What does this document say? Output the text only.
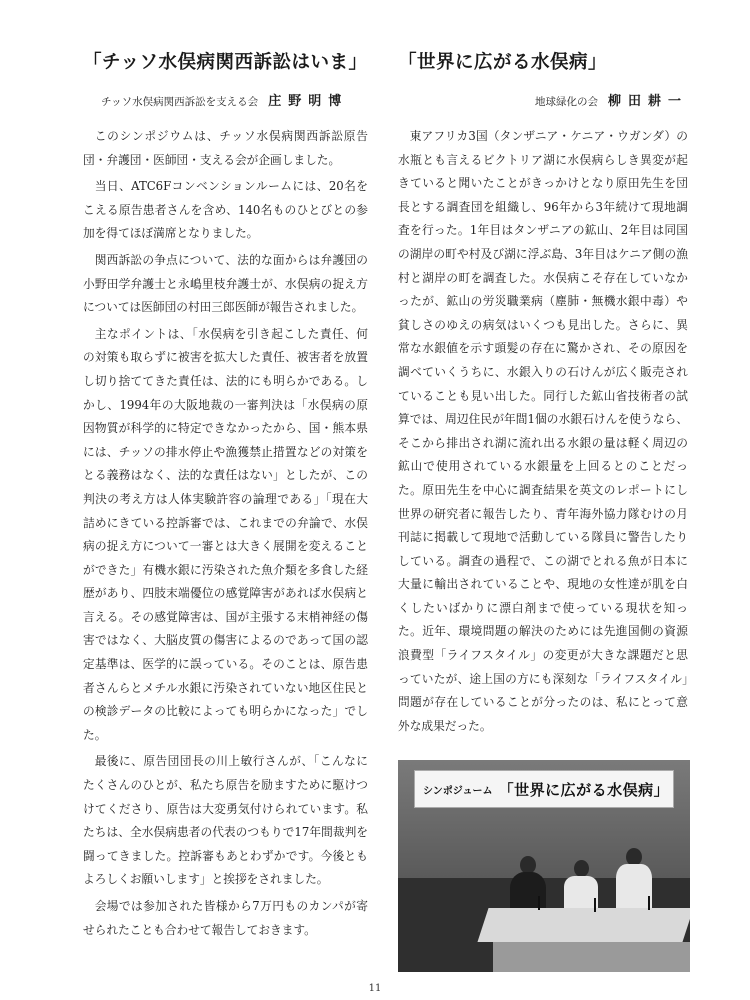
「チッソ水俣病関西訴訟はいま」
チッソ水俣病関西訴訟を支える会 庄野明博

このシンポジウムは、チッソ水俣病関西訴訟原告団・弁護団・医師団・支える会が企画しました。

当日、ATC6Fコンベンションルームには、20名をこえる原告患者さんを含め、140名ものひとびとの参加を得てほぼ満席となりました。

関西訴訟の争点について、法的な面からは弁護団の小野田学弁護士と永嶋里枝弁護士が、水俣病の捉え方については医師団の村田三郎医師が報告されました。

主なポイントは、「水俣病を引き起こした責任、何の対策も取らずに被害を拡大した責任、被害者を放置し切り捨ててきた責任は、法的にも明らかである。しかし、1994年の大阪地裁の一審判決は「水俣病の原因物質が科学的に特定できなかったから、国・熊本県には、チッソの排水停止や漁獲禁止措置などの対策をとる義務はなく、法的な責任はない」としたが、この判決の考え方は人体実験許容の論理である」「現在大詰めにきている控訴審では、これまでの弁論で、水俣病の捉え方について一審とは大きく展開を変えることができた」有機水銀に汚染された魚介類を多食した経歴があり、四肢末端優位の感覚障害があれば水俣病と言える。その感覚障害は、国が主張する末梢神経の傷害ではなく、大脳皮質の傷害によるのであって国の認定基準は、医学的に誤っている。そのことは、原告患者さんらとメチル水銀に汚染されていない地区住民との検診データの比較によっても明らかになった」でした。

最後に、原告団団長の川上敏行さんが、「こんなにたくさんのひとが、私たち原告を励ますために駆けつけてくださり、原告は大変勇気付けられています。私たちは、全水俣病患者の代表のつもりで17年間裁判を闘ってきました。控訴審もあとわずかです。今後ともよろしくお願いします」と挨拶をされました。

会場では参加された皆様から7万円ものカンパが寄せられたことも合わせて報告しておきます。

「世界に広がる水俣病」
地球緑化の会 柳田耕一

東アフリカ3国（タンザニア・ケニア・ウガンダ）の水瓶とも言えるビクトリア湖に水俣病らしき異変が起きていると聞いたことがきっかけとなり原田先生を団長とする調査団を組織し、96年から3年続けて現地調査を行った。1年目はタンザニアの鉱山、2年目は同国の湖岸の町や村及び湖に浮ぶ島、3年目はケニア側の漁村と湖岸の町を調査した。水俣病こそ存在していなかったが、鉱山の労災職業病（塵肺・無機水銀中毒）や貧しさのゆえの病気はいくつも見出した。さらに、異常な水銀値を示す頭髪の存在に驚かされ、その原因を調べていくうちに、水銀入りの石けんが広く販売されていることも見い出した。同行した鉱山省技術者の試算では、周辺住民が年間1個の水銀石けんを使うなら、そこから排出され湖に流れ出る水銀の量は軽く周辺の鉱山で使用されている水銀量を上回るとのことだった。原田先生を中心に調査結果を英文のレポートにし世界の研究者に報告したり、青年海外協力隊むけの月刊誌に掲載して現地で活動している隊員に警告したりしている。調査の過程で、この湖でとれる魚が日本に大量に輸出されていることや、現地の女性達が肌を白くしたいばかりに漂白剤まで使っている現状を知った。近年、環境問題の解決のためには先進国側の資源浪費型「ライフスタイル」の変更が大きな課題だと思っていたが、途上国の方にも深刻な「ライフスタイル」問題が存在していることが分ったのは、私にとって意外な成果だった。

シンポジューム 「世界に広がる水俣病」
11
